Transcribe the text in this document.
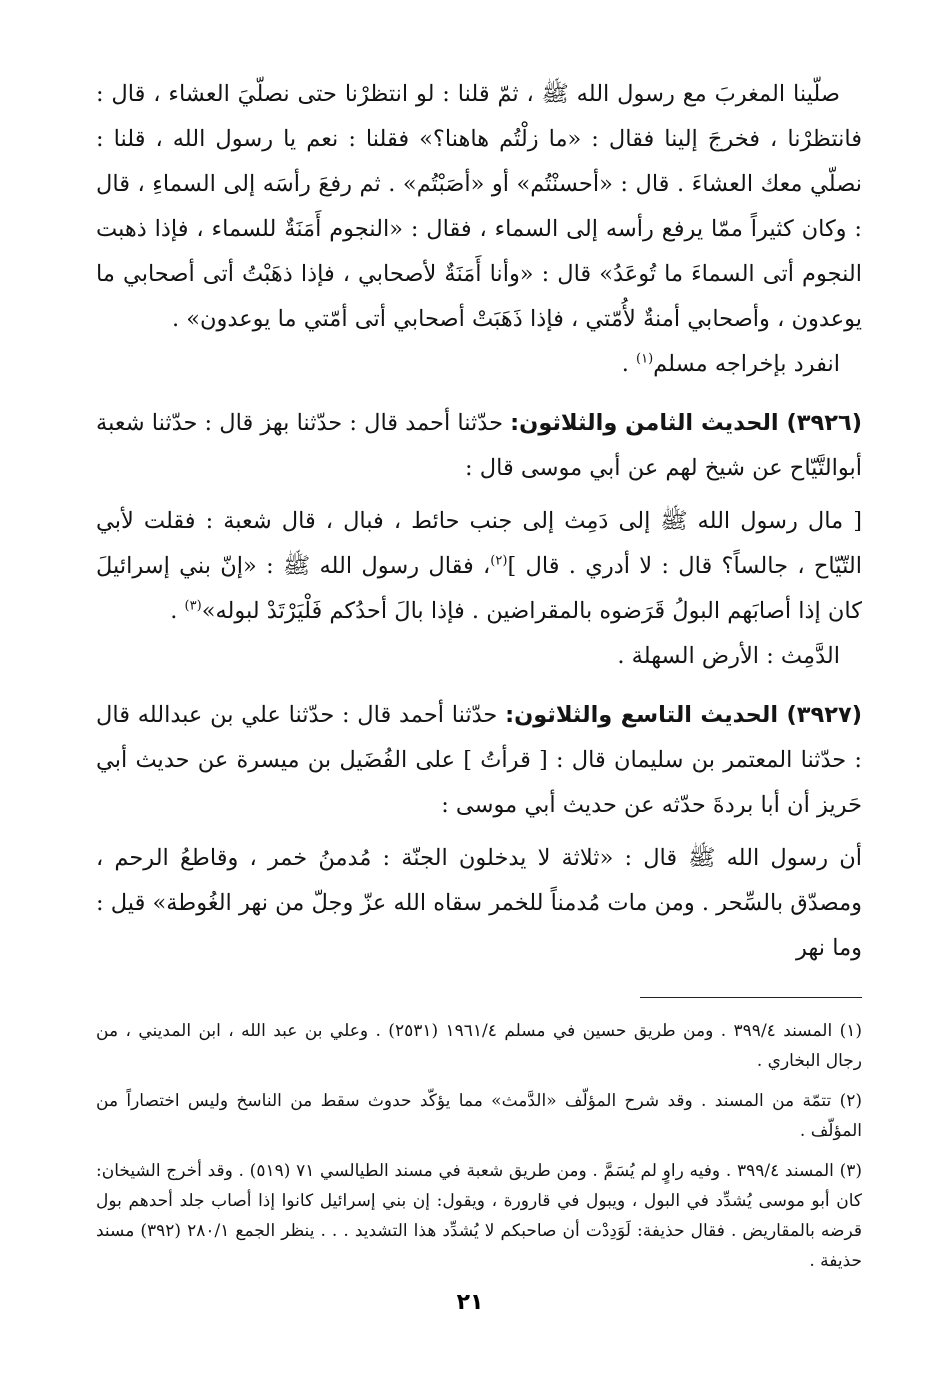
صلّينا المغربَ مع رسول الله ﷺ ، ثمّ قلنا : لو انتظرْنا حتى نصلّيَ العشاء ، قال : فانتظرْنا ، فخرجَ إلينا فقال : «ما زلْتُم هاهنا؟» فقلنا : نعم يا رسول الله ، قلنا : نصلّي معك العشاءَ . قال : «أحسنْتُم» أو «أصَبْتُم» . ثم رفعَ رأسَه إلى السماءِ ، قال : وكان كثيراً ممّا يرفع رأسه إلى السماء ، فقال : «النجوم أَمَنَةٌ للسماء ، فإذا ذهبت النجوم أتى السماءَ ما تُوعَدُ» قال : «وأنا أَمَنَةٌ لأصحابي ، فإذا ذهَبْتُ أتى أصحابي ما يوعدون ، وأصحابي أمنةٌ لأُمّتي ، فإذا ذَهَبَتْ أصحابي أتى أمّتي ما يوعدون» .

انفرد بإخراجه مسلم$^{(١)}$ .

(٣٩٢٦) الحديث الثامن والثلاثون: حدّثنا أحمد قال : حدّثنا بهز قال : حدّثنا شعبة أبوالتَّيّاح عن شيخ لهم عن أبي موسى قال :

[ مال رسول الله ﷺ إلى دَمِث إلى جنب حائط ، فبال ، قال شعبة : فقلت لأبي التّيّاح ، جالساً؟ قال : لا أدري . قال ]$^{(٢)}$، فقال رسول الله ﷺ : «إنّ بني إسرائيلَ كان إذا أصابَهم البولُ قَرَضوه بالمقراضين . فإذا بالَ أحدُكم فَلْيَرْتَدْ لبوله»$^{(٣)}$ .

الدَّمِث : الأرض السهلة .

(٣٩٢٧) الحديث التاسع والثلاثون: حدّثنا أحمد قال : حدّثنا علي بن عبدالله قال : حدّثنا المعتمر بن سليمان قال : [ قرأتُ ] على الفُضَيل بن ميسرة عن حديث أبي حَريز أن أبا بردةَ حدّثه عن حديث أبي موسى :

أن رسول الله ﷺ قال : «ثلاثة لا يدخلون الجنّة : مُدمنُ خمر ، وقاطعُ الرحم ، ومصدّق بالسِّحر . ومن مات مُدمناً للخمر سقاه الله عزّ وجلّ من نهر الغُوطة» قيل : وما نهر

(١) المسند ٣٩٩/٤ . ومن طريق حسين في مسلم ١٩٦١/٤ (٢٥٣١) . وعلي بن عبد الله ، ابن المديني ، من رجال البخاري .

(٢) تتمّة من المسند . وقد شرح المؤلّف «الدَّمث» مما يؤكّد حدوث سقط من الناسخ وليس اختصاراً من المؤلّف .

(٣) المسند ٣٩٩/٤ . وفيه راوٍ لم يُسَمَّ . ومن طريق شعبة في مسند الطيالسي ٧١ (٥١٩) . وقد أخرج الشيخان: كان أبو موسى يُشدِّد في البول ، ويبول في قارورة ، ويقول: إن بني إسرائيل كانوا إذا أصاب جلد أحدهم بول قرضه بالمقاريض . فقال حذيفة: لَوَدِدْت أن صاحبكم لا يُشدِّد هذا التشديد . . . ينظر الجمع ٢٨٠/١ (٣٩٢) مسند حذيفة .

٢١
